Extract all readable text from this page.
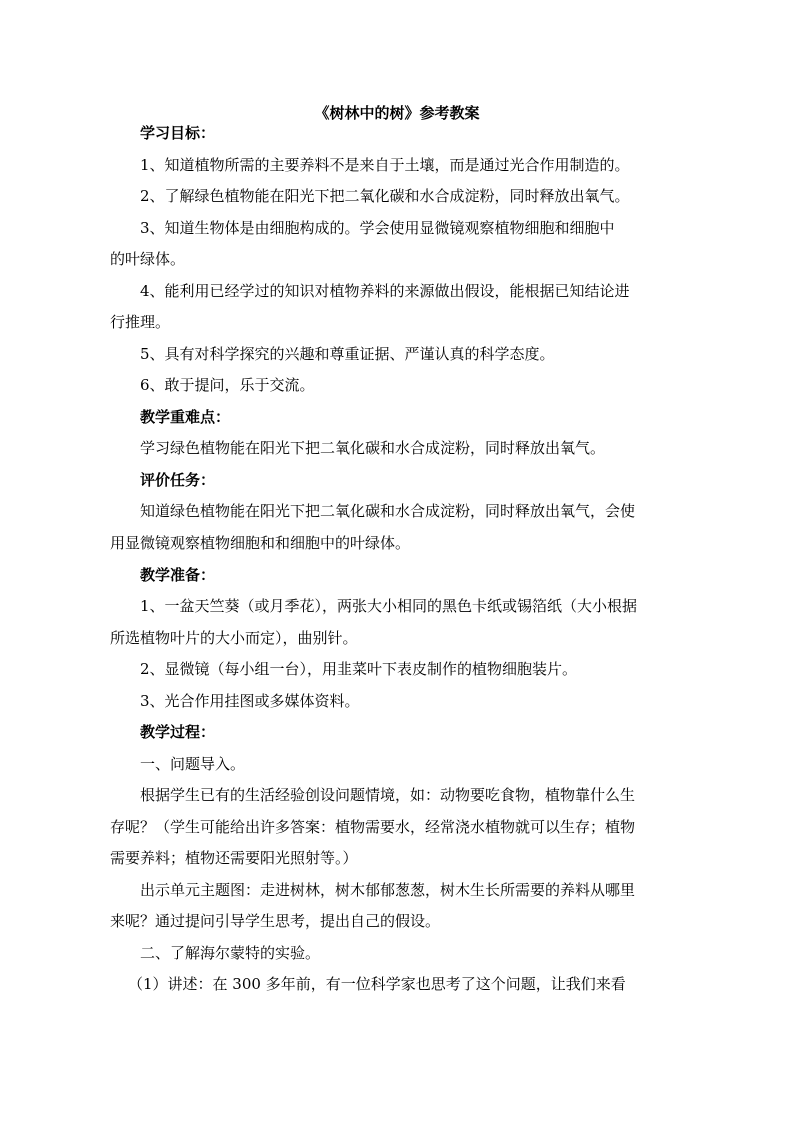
《树林中的树》参考教案
学习目标：
1、知道植物所需的主要养料不是来自于土壤，而是通过光合作用制造的。
2、了解绿色植物能在阳光下把二氧化碳和水合成淀粉，同时释放出氧气。
3、知道生物体是由细胞构成的。学会使用显微镜观察植物细胞和细胞中
的叶绿体。
4、能利用已经学过的知识对植物养料的来源做出假设，能根据已知结论进
行推理。
5、具有对科学探究的兴趣和尊重证据、严谨认真的科学态度。
6、敢于提问，乐于交流。
教学重难点：
学习绿色植物能在阳光下把二氧化碳和水合成淀粉，同时释放出氧气。
评价任务：
知道绿色植物能在阳光下把二氧化碳和水合成淀粉，同时释放出氧气，会使
用显微镜观察植物细胞和和细胞中的叶绿体。
教学准备：
1、一盆天竺葵（或月季花），两张大小相同的黑色卡纸或锡箔纸（大小根据
所选植物叶片的大小而定），曲别针。
2、显微镜（每小组一台），用韭菜叶下表皮制作的植物细胞装片。
3、光合作用挂图或多媒体资料。
教学过程：
一、问题导入。
根据学生已有的生活经验创设问题情境，如：动物要吃食物，植物靠什么生
存呢？（学生可能给出许多答案：植物需要水，经常浇水植物就可以生存；植物
需要养料；植物还需要阳光照射等。）
出示单元主题图：走进树林，树木郁郁葱葱，树木生长所需要的养料从哪里
来呢？通过提问引导学生思考，提出自己的假设。
二、了解海尔蒙特的实验。
（1）讲述：在 300 多年前，有一位科学家也思考了这个问题，让我们来看
